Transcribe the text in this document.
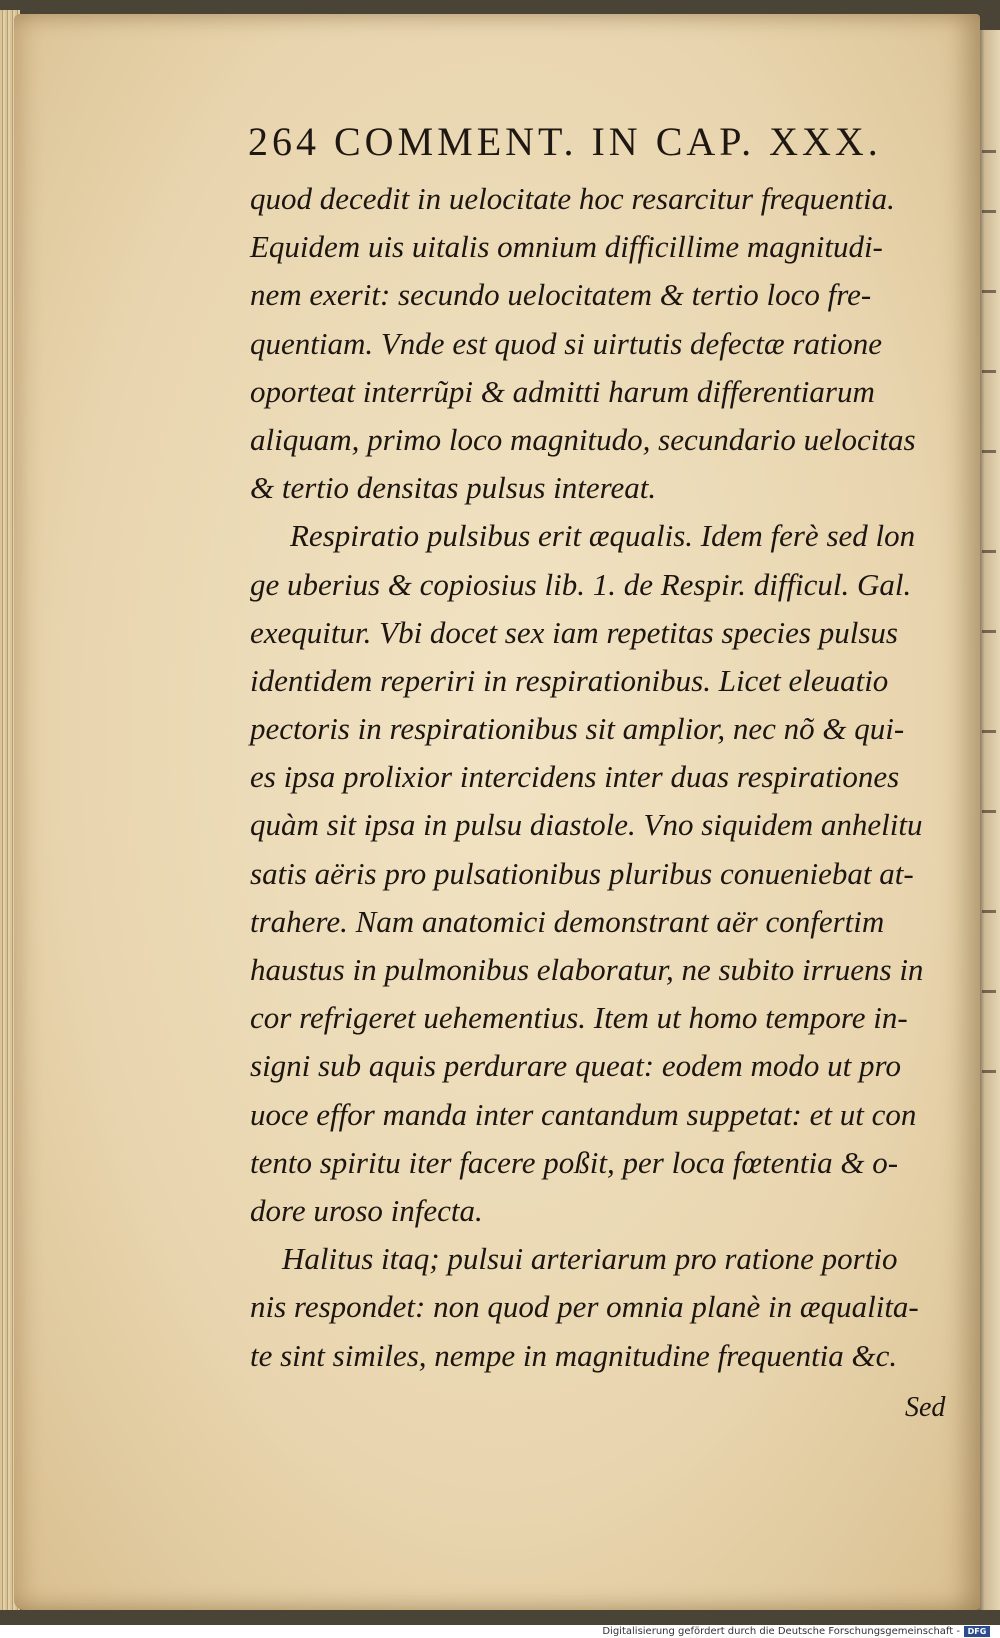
264 COMMENT. IN CAP. XXX.
quod decedit in uelocitate hoc resarcitur frequentia.
Equidem uis uitalis omnium difficillime magnitudi-
nem exerit: secundo uelocitatem & tertio loco fre-
quentiam. Vnde est quod si uirtutis defectæ ratione
oporteat interrũpi & admitti harum differentiarum
aliquam, primo loco magnitudo, secundario uelocitas
& tertio densitas pulsus intereat.
Respiratio pulsibus erit æqualis. Idem ferè sed lon
ge uberius & copiosius lib. 1. de Respir. difficul. Gal.
exequitur. Vbi docet sex iam repetitas species pulsus
identidem reperiri in respirationibus. Licet eleuatio
pectoris in respirationibus sit amplior, nec nõ & qui-
es ipsa prolixior intercidens inter duas respirationes
quàm sit ipsa in pulsu diastole. Vno siquidem anhelitu
satis aëris pro pulsationibus pluribus conueniebat at-
trahere. Nam anatomici demonstrant aër confertim
haustus in pulmonibus elaboratur, ne subito irruens in
cor refrigeret uehementius. Item ut homo tempore in-
signi sub aquis perdurare queat: eodem modo ut pro
uoce effor manda inter cantandum suppetat: et ut con
tento spiritu iter facere poßit, per loca fœtentia & o-
dore uroso infecta.
Halitus itaq; pulsui arteriarum pro ratione portio
nis respondet: non quod per omnia planè in æqualita-
te sint similes, nempe in magnitudine frequentia &c.
Sed
Digitalisierung gefördert durch die Deutsche Forschungsgemeinschaft - DFG
